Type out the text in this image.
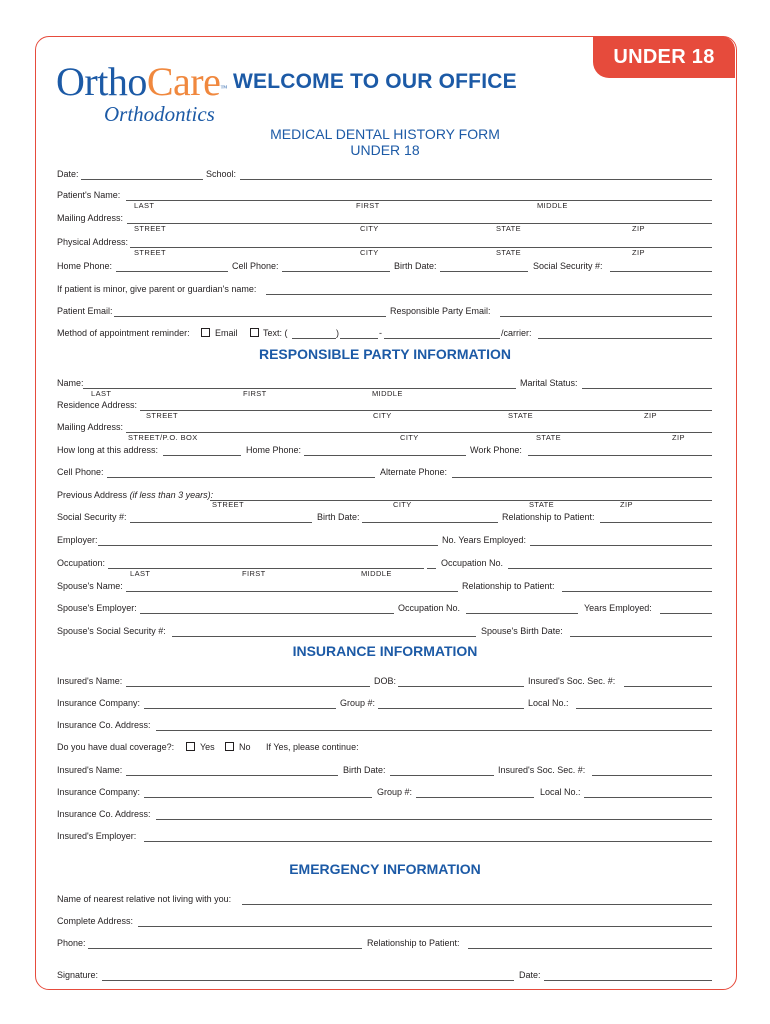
UNDER 18
OrthoCare™
Orthodontics
WELCOME TO OUR OFFICE
MEDICAL DENTAL HISTORY FORM
UNDER 18
Date:	School:
Patient's Name:
LAST	FIRST	MIDDLE
Mailing Address:
STREET	CITY	STATE	ZIP
Physical Address:
STREET	CITY	STATE	ZIP
Home Phone:	Cell Phone:	Birth Date:	Social Security #:
If patient is minor, give parent or guardian's name:
Patient Email:	Responsible Party Email:
Method of appointment reminder:	Email	Text: (	)	-	/carrier:
RESPONSIBLE PARTY INFORMATION
Name:	Marital Status:
LAST	FIRST	MIDDLE
Residence Address:
STREET	CITY	STATE	ZIP
Mailing Address:
STREET/P.O. BOX	CITY	STATE	ZIP
How long at this address:	Home Phone:	Work Phone:
Cell Phone:	Alternate Phone:
Previous Address (if less than 3 years):
STREET	CITY	STATE	ZIP
Social Security #:	Birth Date:	Relationship to Patient:
Employer:	No. Years Employed:
Occupation:	Occupation No.
LAST	FIRST	MIDDLE
Spouse's Name:	Relationship to Patient:
Spouse's Employer:	Occupation No.	Years Employed:
Spouse's Social Security #:	Spouse's Birth Date:
INSURANCE INFORMATION
Insured's Name:	DOB:	Insured's Soc. Sec. #:
Insurance Company:	Group #:	Local No.:
Insurance Co. Address:
Do you have dual coverage?:	Yes	No If Yes, please continue:
Insured's Name:	Birth Date:	Insured's Soc. Sec. #:
Insurance Company:	Group #:	Local No.:
Insurance Co. Address:
Insured's Employer:
EMERGENCY INFORMATION
Name of nearest relative not living with you:
Complete Address:
Phone:	Relationship to Patient:
Signature:	Date:
